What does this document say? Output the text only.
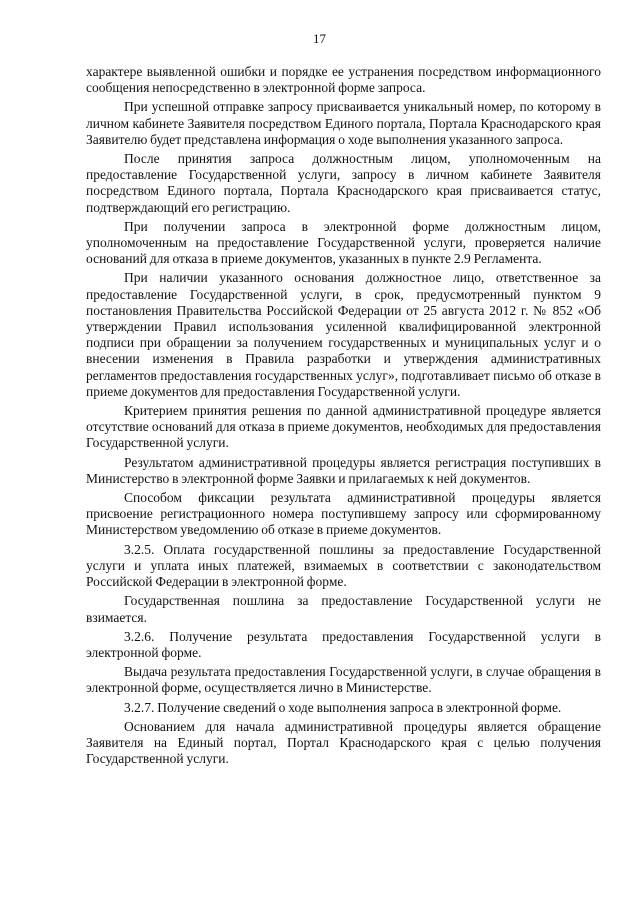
17

характере выявленной ошибки и порядке ее устранения посредством информационного сообщения непосредственно в электронной форме запроса.

При успешной отправке запросу присваивается уникальный номер, по которому в личном кабинете Заявителя посредством Единого портала, Портала Краснодарского края Заявителю будет представлена информация о ходе выполнения указанного запроса.

После принятия запроса должностным лицом, уполномоченным на предоставление Государственной услуги, запросу в личном кабинете Заявителя посредством Единого портала, Портала Краснодарского края присваивается статус, подтверждающий его регистрацию.

При получении запроса в электронной форме должностным лицом, уполномоченным на предоставление Государственной услуги, проверяется наличие оснований для отказа в приеме документов, указанных в пункте 2.9 Регламента.

При наличии указанного основания должностное лицо, ответственное за предоставление Государственной услуги, в срок, предусмотренный пунктом 9 постановления Правительства Российской Федерации от 25 августа 2012 г. № 852 «Об утверждении Правил использования усиленной квалифицированной электронной подписи при обращении за получением государственных и муниципальных услуг и о внесении изменения в Правила разработки и утверждения административных регламентов предоставления государственных услуг», подготавливает письмо об отказе в приеме документов для предоставления Государственной услуги.

Критерием принятия решения по данной административной процедуре является отсутствие оснований для отказа в приеме документов, необходимых для предоставления Государственной услуги.

Результатом административной процедуры является регистрация поступивших в Министерство в электронной форме Заявки и прилагаемых к ней документов.

Способом фиксации результата административной процедуры является присвоение регистрационного номера поступившему запросу или сформированному Министерством уведомлению об отказе в приеме документов.

3.2.5. Оплата государственной пошлины за предоставление Государственной услуги и уплата иных платежей, взимаемых в соответствии с законодательством Российской Федерации в электронной форме.

Государственная пошлина за предоставление Государственной услуги не взимается.

3.2.6. Получение результата предоставления Государственной услуги в электронной форме.

Выдача результата предоставления Государственной услуги, в случае обращения в электронной форме, осуществляется лично в Министерстве.

3.2.7. Получение сведений о ходе выполнения запроса в электронной форме.

Основанием для начала административной процедуры является обращение Заявителя на Единый портал, Портал Краснодарского края с целью получения Государственной услуги.
